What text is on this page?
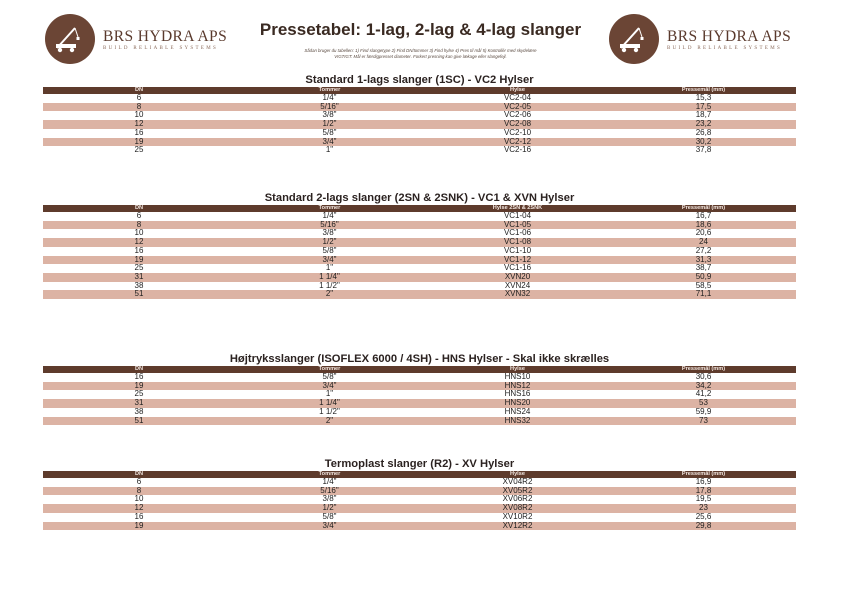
BRS HYDRA APS
BUILD RELIABLE SYSTEMS
BRS HYDRA APS
BUILD RELIABLE SYSTEMS
Pressetabel: 1-lag, 2-lag & 4-lag slanger
Sådan bruger du tabellen: 1) Find slangetype 2) Find DN/tommer 3) Find hylse 4) Pres til mål 5) Kontrollér med skydelære
VIGTIGT: Mål er færdigpresset diameter. Forkert presning kan give lækage eller slangefejl.
Standard 1-lags slanger (1SC) - VC2 Hylser
DN	Tommer	Hylse	Pressemål (mm)
6	1/4"	VC2-04	15,3
8	5/16"	VC2-05	17,5
10	3/8"	VC2-06	18,7
12	1/2"	VC2-08	23,2
16	5/8"	VC2-10	26,8
19	3/4"	VC2-12	30,2
25	1"	VC2-16	37,8
Standard 2-lags slanger (2SN & 2SNK) - VC1 & XVN Hylser
DN	Tommer	Hylse 2SN & 2SNK	Pressemål (mm)
6	1/4"	VC1-04	16,7
8	5/16"	VC1-05	18,6
10	3/8"	VC1-06	20,6
12	1/2"	VC1-08	24
16	5/8"	VC1-10	27,2
19	3/4"	VC1-12	31,3
25	1"	VC1-16	38,7
31	1 1/4"	XVN20	50,9
38	1 1/2"	XVN24	58,5
51	2"	XVN32	71,1
Højtryksslanger (ISOFLEX 6000 / 4SH) - HNS Hylser - Skal ikke skrælles
DN	Tommer	Hylse	Pressemål (mm)
16	5/8"	HNS10	30,6
19	3/4"	HNS12	34,2
25	1"	HNS16	41,2
31	1 1/4"	HNS20	53
38	1 1/2"	HNS24	59,9
51	2"	HNS32	73
Termoplast slanger (R2) - XV Hylser
DN	Tommer	Hylse	Pressemål (mm)
6	1/4"	XV04R2	16,9
8	5/16"	XV05R2	17,8
10	3/8"	XV06R2	19,5
12	1/2"	XV08R2	23
16	5/8"	XV10R2	25,6
19	3/4"	XV12R2	29,8
